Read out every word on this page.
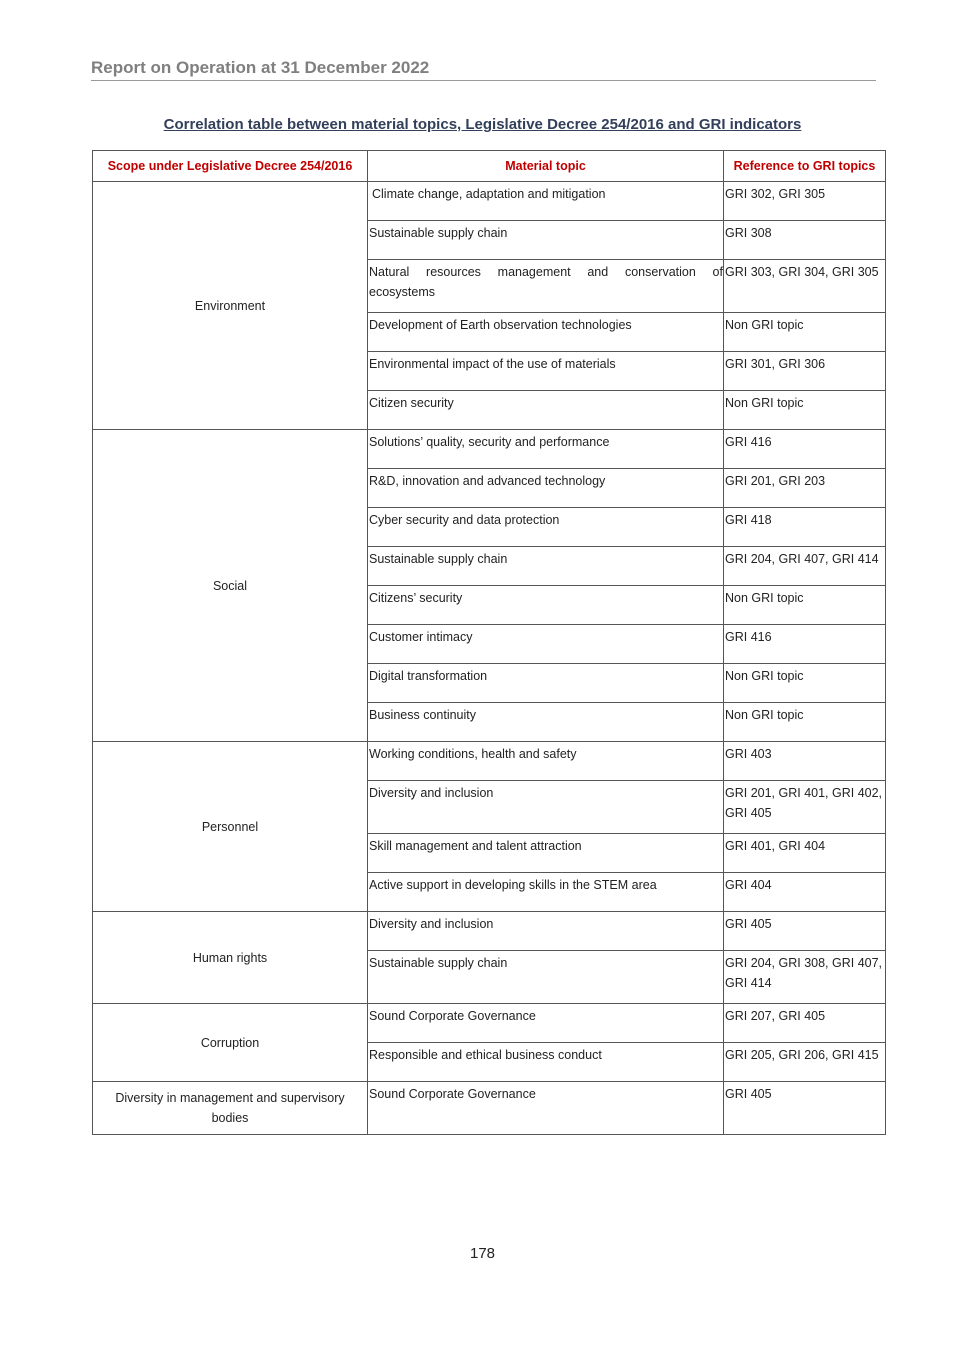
Report on Operation at 31 December 2022
Correlation table between material topics, Legislative Decree 254/2016 and GRI indicators
Scope under Legislative Decree 254/2016	Material topic	Reference to GRI topics
Environment	Climate change, adaptation and mitigation	GRI 302, GRI 305
	Sustainable supply chain	GRI 308
	Natural resources management and conservation of ecosystems	GRI 303, GRI 304, GRI 305
	Development of Earth observation technologies	Non GRI topic
	Environmental impact of the use of materials	GRI 301, GRI 306
	Citizen security	Non GRI topic
Social	Solutions’ quality, security and performance	GRI 416
	R&D, innovation and advanced technology	GRI 201, GRI 203
	Cyber security and data protection	GRI 418
	Sustainable supply chain	GRI 204, GRI 407, GRI 414
	Citizens’ security	Non GRI topic
	Customer intimacy	GRI 416
	Digital transformation	Non GRI topic
	Business continuity	Non GRI topic
Personnel	Working conditions, health and safety	GRI 403
	Diversity and inclusion	GRI 201, GRI 401, GRI 402, GRI 405
	Skill management and talent attraction	GRI 401, GRI 404
	Active support in developing skills in the STEM area	GRI 404
Human rights	Diversity and inclusion	GRI 405
	Sustainable supply chain	GRI 204, GRI 308, GRI 407, GRI 414
Corruption	Sound Corporate Governance	GRI 207, GRI 405
	Responsible and ethical business conduct	GRI 205, GRI 206, GRI 415
Diversity in management and supervisory bodies	Sound Corporate Governance	GRI 405
178
